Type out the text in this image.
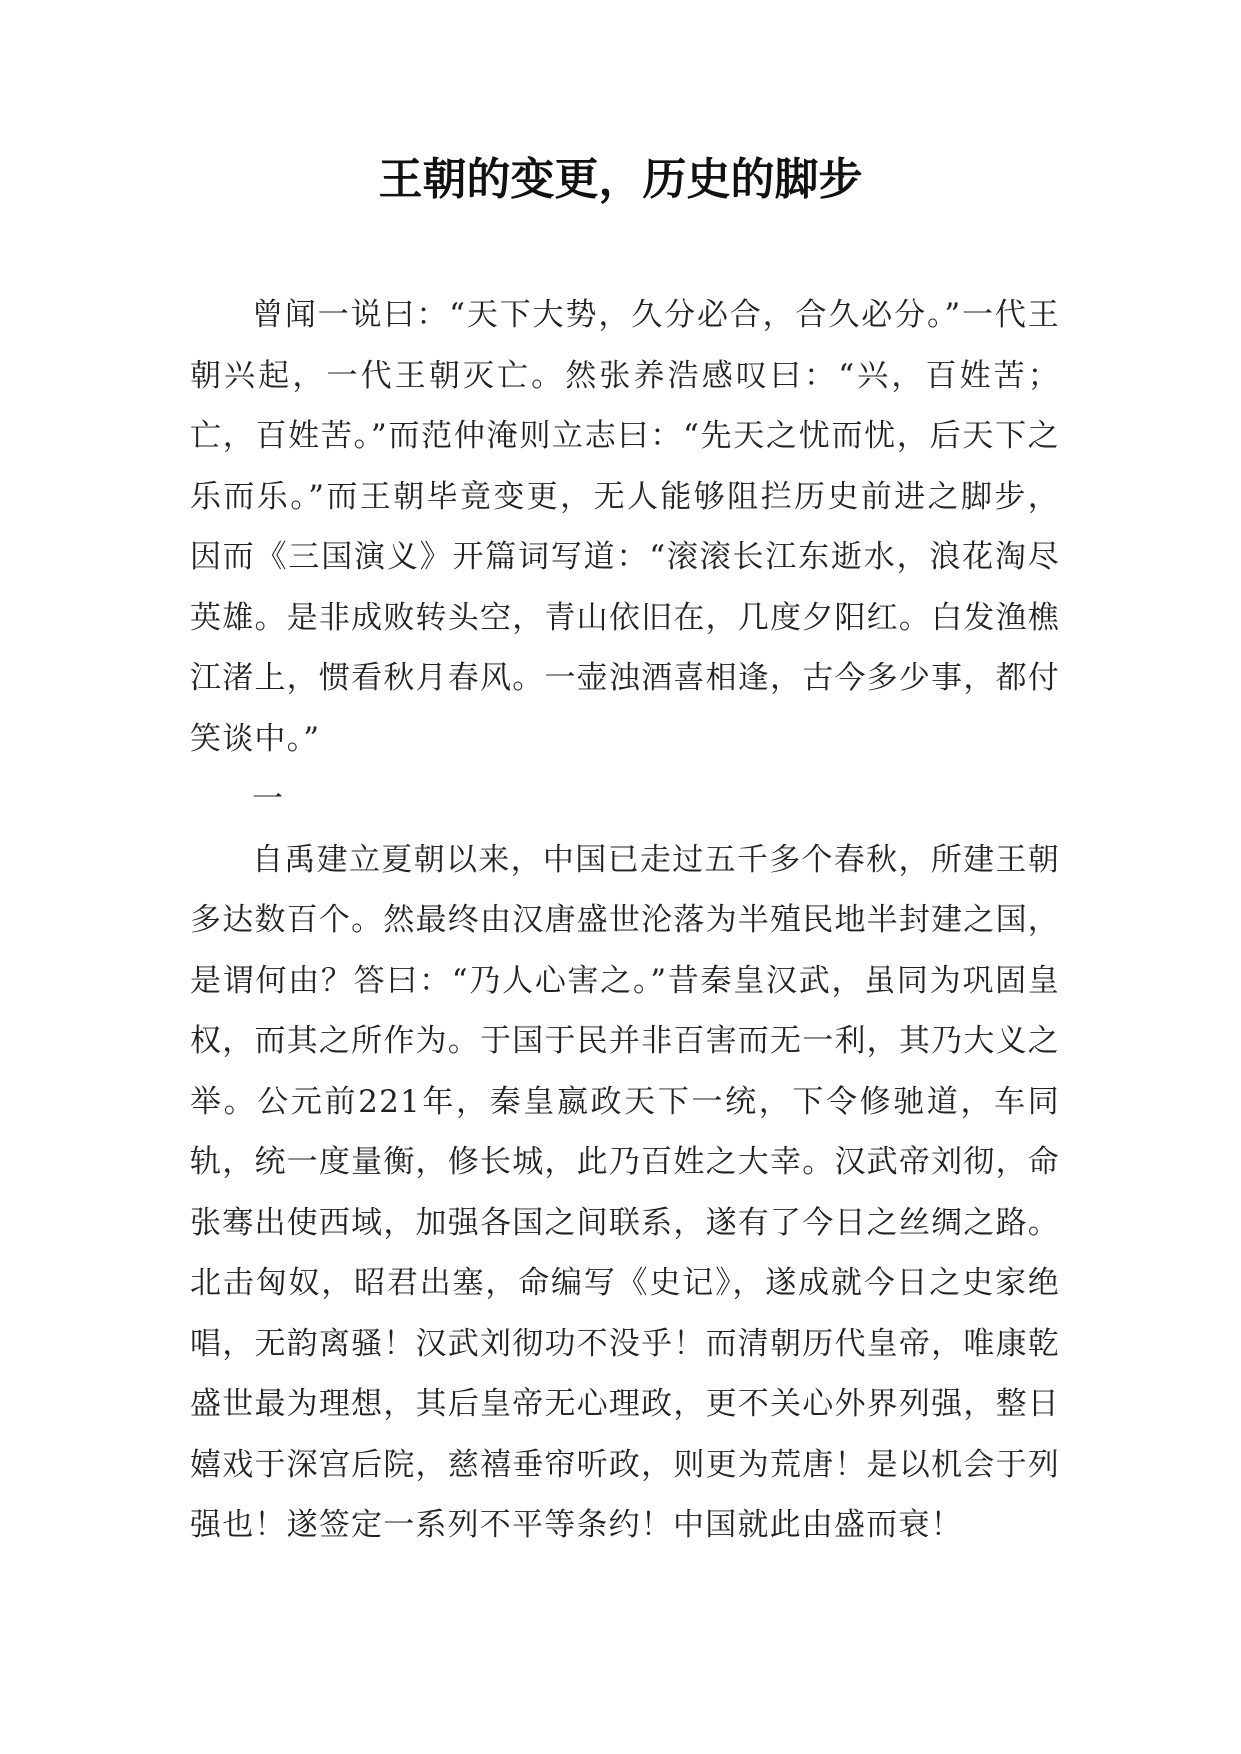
王朝的变更，历史的脚步

曾闻一说曰：“天下大势，久分必合，合久必分。”一代王朝兴起，一代王朝灭亡。然张养浩感叹曰：“兴，百姓苦；亡，百姓苦。”而范仲淹则立志曰：“先天之忧而忧，后天下之乐而乐。”而王朝毕竟变更，无人能够阻拦历史前进之脚步，因而《三国演义》开篇词写道：“滚滚长江东逝水，浪花淘尽英雄。是非成败转头空，青山依旧在，几度夕阳红。白发渔樵江渚上，惯看秋月春风。一壶浊酒喜相逢，古今多少事，都付笑谈中。”

一

自禹建立夏朝以来，中国已走过五千多个春秋，所建王朝多达数百个。然最终由汉唐盛世沦落为半殖民地半封建之国，是谓何由？答曰：“乃人心害之。”昔秦皇汉武，虽同为巩固皇权，而其之所作为。于国于民并非百害而无一利，其乃大义之举。公元前221年，秦皇嬴政天下一统，下令修驰道，车同轨，统一度量衡，修长城，此乃百姓之大幸。汉武帝刘彻，命张骞出使西域，加强各国之间联系，遂有了今日之丝绸之路。北击匈奴，昭君出塞，命编写《史记》，遂成就今日之史家绝唱，无韵离骚！汉武刘彻功不没乎！而清朝历代皇帝，唯康乾盛世最为理想，其后皇帝无心理政，更不关心外界列强，整日嬉戏于深宫后院，慈禧垂帘听政，则更为荒唐！是以机会于列强也！遂签定一系列不平等条约！中国就此由盛而衰！
